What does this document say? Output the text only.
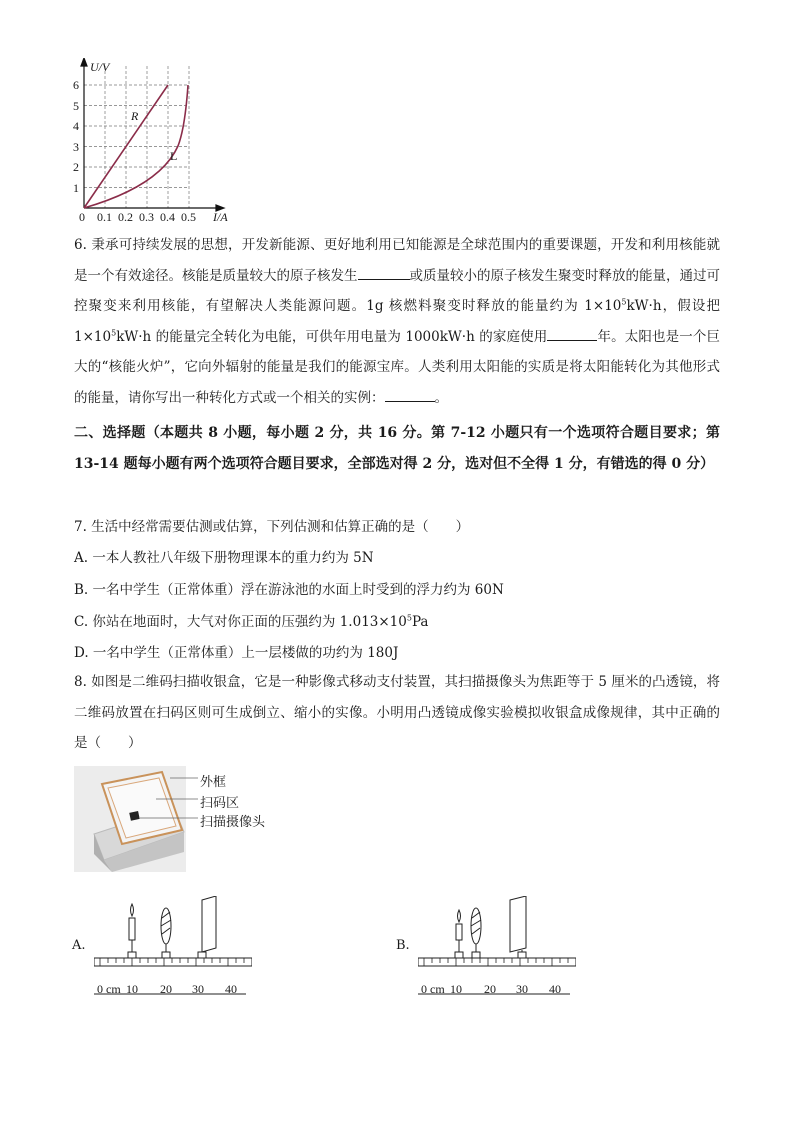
U/V
6
5
4
3
2
1
0 0.1 0.2 0.3 0.4 0.5 I/A
R
L
6. 秉承可持续发展的思想，开发新能源、更好地利用已知能源是全球范围内的重要课题，开发和利用核能就是一个有效途径。核能是质量较大的原子核发生	或质量较小的原子核发生聚变时释放的能量，通过可控聚变来利用核能，有望解决人类能源问题。1g 核燃料聚变时释放的能量约为 $1\times 10^5kW\cdot h$，假设把 $1\times 10^5kW\cdot h$ 的能量完全转化为电能，可供年用电量为 1000kW·h 的家庭使用	年。太阳也是一个巨大的“核能火炉”，它向外辐射的能量是我们的能源宝库。人类利用太阳能的实质是将太阳能转化为其他形式的能量，请你写出一种转化方式或一个相关的实例：	。
二、选择题（本题共 8 小题，每小题 2 分，共 16 分。第 7-12 小题只有一个选项符合题目要求；第 13-14 题每小题有两个选项符合题目要求，全部选对得 2 分，选对但不全得 1 分，有错选的得 0 分）
7. 生活中经常需要估测或估算，下列估测和估算正确的是（　　）
A. 一本人教社八年级下册物理课本的重力约为 5N
B. 一名中学生（正常体重）浮在游泳池的水面上时受到的浮力约为 60N
C. 你站在地面时，大气对你正面的压强约为 $1.013\times 10^5Pa$
D. 一名中学生（正常体重）上一层楼做的功约为 180J
8. 如图是二维码扫描收银盒，它是一种影像式移动支付装置，其扫描摄像头为焦距等于 5 厘米的凸透镜，将二维码放置在扫码区则可生成倒立、缩小的实像。小明用凸透镜成像实验模拟收银盒成像规律，其中正确的是（　　）
外框
扫码区
扫描摄像头
A.
0 cm 10 20 30 40
B.
0 cm 10 20 30 40
